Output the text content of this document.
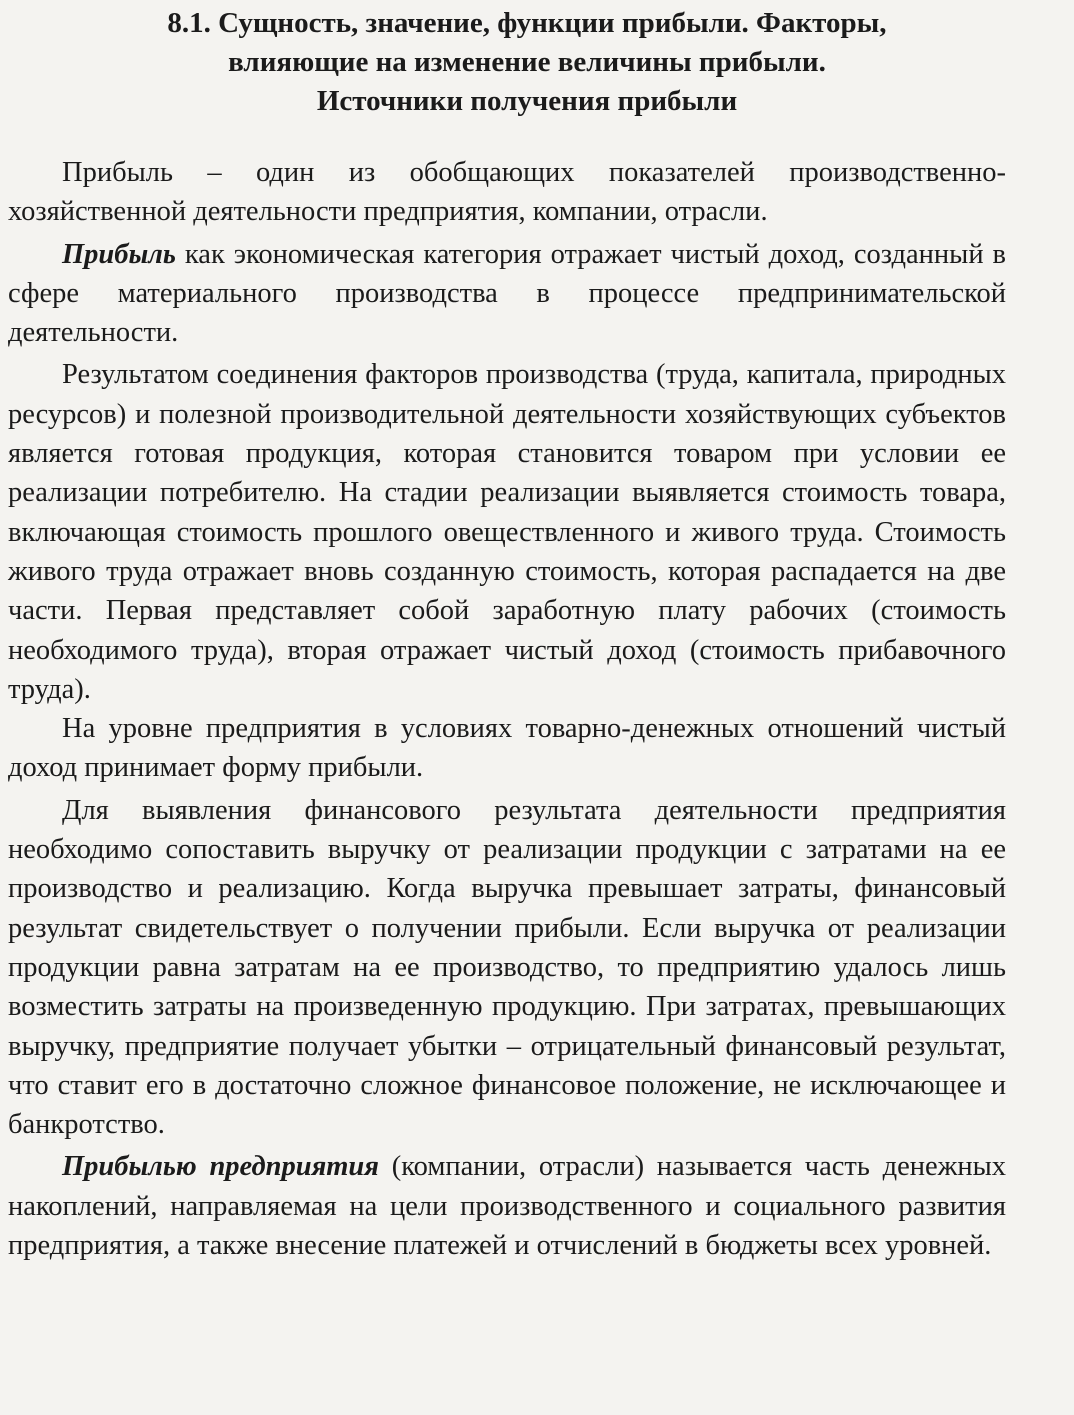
8.1. Сущность, значение, функции прибыли. Факторы,
влияющие на изменение величины прибыли.
Источники получения прибыли

Прибыль – один из обобщающих показателей производственно-хозяйственной деятельности предприятия, компании, отрасли.

Прибыль как экономическая категория отражает чистый доход, созданный в сфере материального производства в процессе предпринимательской деятельности.

Результатом соединения факторов производства (труда, капитала, природных ресурсов) и полезной производительной деятельности хозяйствующих субъектов является готовая продукция, которая становится товаром при условии ее реализации потребителю. На стадии реализации выявляется стоимость товара, включающая стоимость прошлого овеществленного и живого труда. Стоимость живого труда отражает вновь созданную стоимость, которая распадается на две части. Первая представляет собой заработную плату рабочих (стоимость необходимого труда), вторая отражает чистый доход (стоимость прибавочного труда).

На уровне предприятия в условиях товарно-денежных отношений чистый доход принимает форму прибыли.

Для выявления финансового результата деятельности предприятия необходимо сопоставить выручку от реализации продукции с затратами на ее производство и реализацию. Когда выручка превышает затраты, финансовый результат свидетельствует о получении прибыли. Если выручка от реализации продукции равна затратам на ее производство, то предприятию удалось лишь возместить затраты на произведенную продукцию. При затратах, превышающих выручку, предприятие получает убытки – отрицательный финансовый результат, что ставит его в достаточно сложное финансовое положение, не исключающее и банкротство.

Прибылью предприятия (компании, отрасли) называется часть денежных накоплений, направляемая на цели производственного и социального развития предприятия, а также внесение платежей и отчислений в бюджеты всех уровней.
